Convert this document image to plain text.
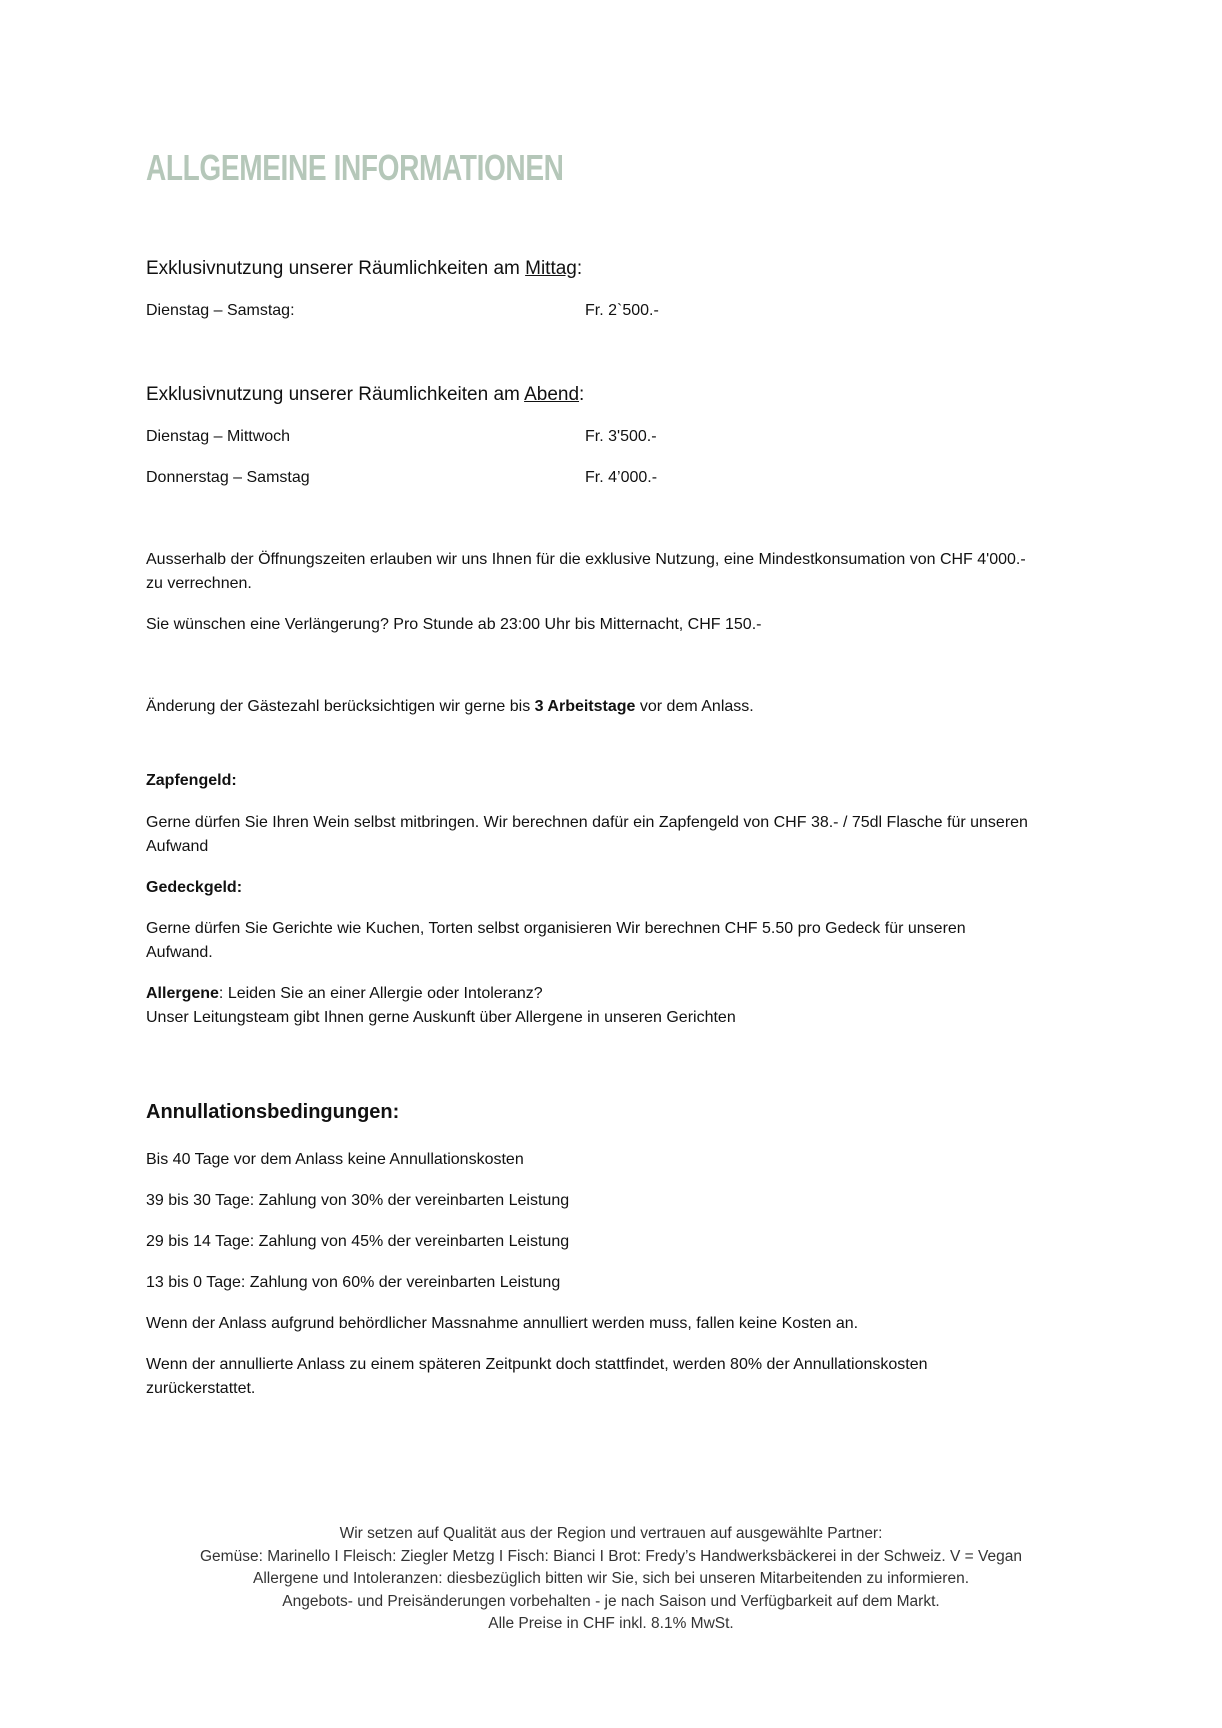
ALLGEMEINE INFORMATIONEN
Exklusivnutzung unserer Räumlichkeiten am Mittag:
Dienstag – Samstag:	Fr. 2`500.-
Exklusivnutzung unserer Räumlichkeiten am Abend:
Dienstag – Mittwoch	Fr. 3'500.-
Donnerstag – Samstag	Fr. 4’000.-
Ausserhalb der Öffnungszeiten erlauben wir uns Ihnen für die exklusive Nutzung, eine Mindestkonsumation von CHF 4'000.-
zu verrechnen.
Sie wünschen eine Verlängerung? Pro Stunde ab 23:00 Uhr bis Mitternacht, CHF 150.-
Änderung der Gästezahl berücksichtigen wir gerne bis 3 Arbeitstage vor dem Anlass.
Zapfengeld:
Gerne dürfen Sie Ihren Wein selbst mitbringen. Wir berechnen dafür ein Zapfengeld von CHF 38.- / 75dl Flasche für unseren
Aufwand
Gedeckgeld:
Gerne dürfen Sie Gerichte wie Kuchen, Torten selbst organisieren Wir berechnen CHF 5.50 pro Gedeck für unseren
Aufwand.
Allergene: Leiden Sie an einer Allergie oder Intoleranz?
Unser Leitungsteam gibt Ihnen gerne Auskunft über Allergene in unseren Gerichten
Annullationsbedingungen:
Bis 40 Tage vor dem Anlass keine Annullationskosten
39 bis 30 Tage: Zahlung von 30% der vereinbarten Leistung
29 bis 14 Tage: Zahlung von 45% der vereinbarten Leistung
13 bis 0 Tage: Zahlung von 60% der vereinbarten Leistung
Wenn der Anlass aufgrund behördlicher Massnahme annulliert werden muss, fallen keine Kosten an.
Wenn der annullierte Anlass zu einem späteren Zeitpunkt doch stattfindet, werden 80% der Annullationskosten
zurückerstattet.
Wir setzen auf Qualität aus der Region und vertrauen auf ausgewählte Partner:
Gemüse: Marinello I Fleisch: Ziegler Metzg I Fisch: Bianci I Brot: Fredy’s Handwerksbäckerei in der Schweiz. V = Vegan
Allergene und Intoleranzen: diesbezüglich bitten wir Sie, sich bei unseren Mitarbeitenden zu informieren.
Angebots- und Preisänderungen vorbehalten - je nach Saison und Verfügbarkeit auf dem Markt.
Alle Preise in CHF inkl. 8.1% MwSt.
